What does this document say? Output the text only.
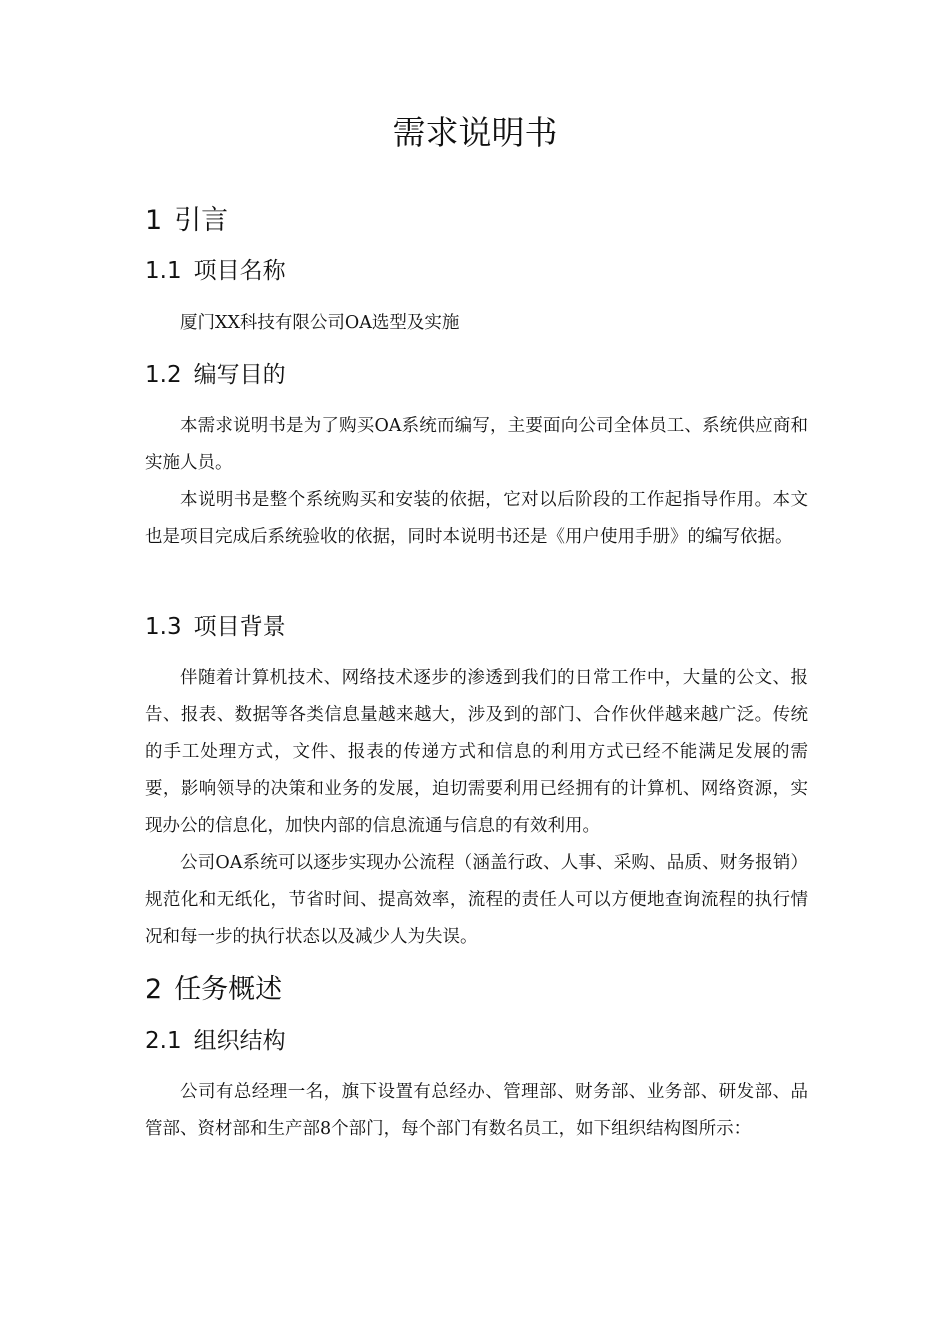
需求说明书
1 引言
1.1 项目名称

厦门XX科技有限公司OA选型及实施

1.2 编写目的

本需求说明书是为了购买OA系统而编写，主要面向公司全体员工、系统供应商和实施人员。

本说明书是整个系统购买和安装的依据，它对以后阶段的工作起指导作用。本文也是项目完成后系统验收的依据，同时本说明书还是《用户使用手册》的编写依据。

1.3 项目背景

伴随着计算机技术、网络技术逐步的渗透到我们的日常工作中，大量的公文、报告、报表、数据等各类信息量越来越大，涉及到的部门、合作伙伴越来越广泛。传统的手工处理方式，文件、报表的传递方式和信息的利用方式已经不能满足发展的需要，影响领导的决策和业务的发展，迫切需要利用已经拥有的计算机、网络资源，实现办公的信息化，加快内部的信息流通与信息的有效利用。

公司OA系统可以逐步实现办公流程（涵盖行政、人事、采购、品质、财务报销）规范化和无纸化，节省时间、提高效率，流程的责任人可以方便地查询流程的执行情况和每一步的执行状态以及减少人为失误。

2 任务概述
2.1 组织结构

公司有总经理一名，旗下设置有总经办、管理部、财务部、业务部、研发部、品管部、资材部和生产部8个部门，每个部门有数名员工，如下组织结构图所示：
